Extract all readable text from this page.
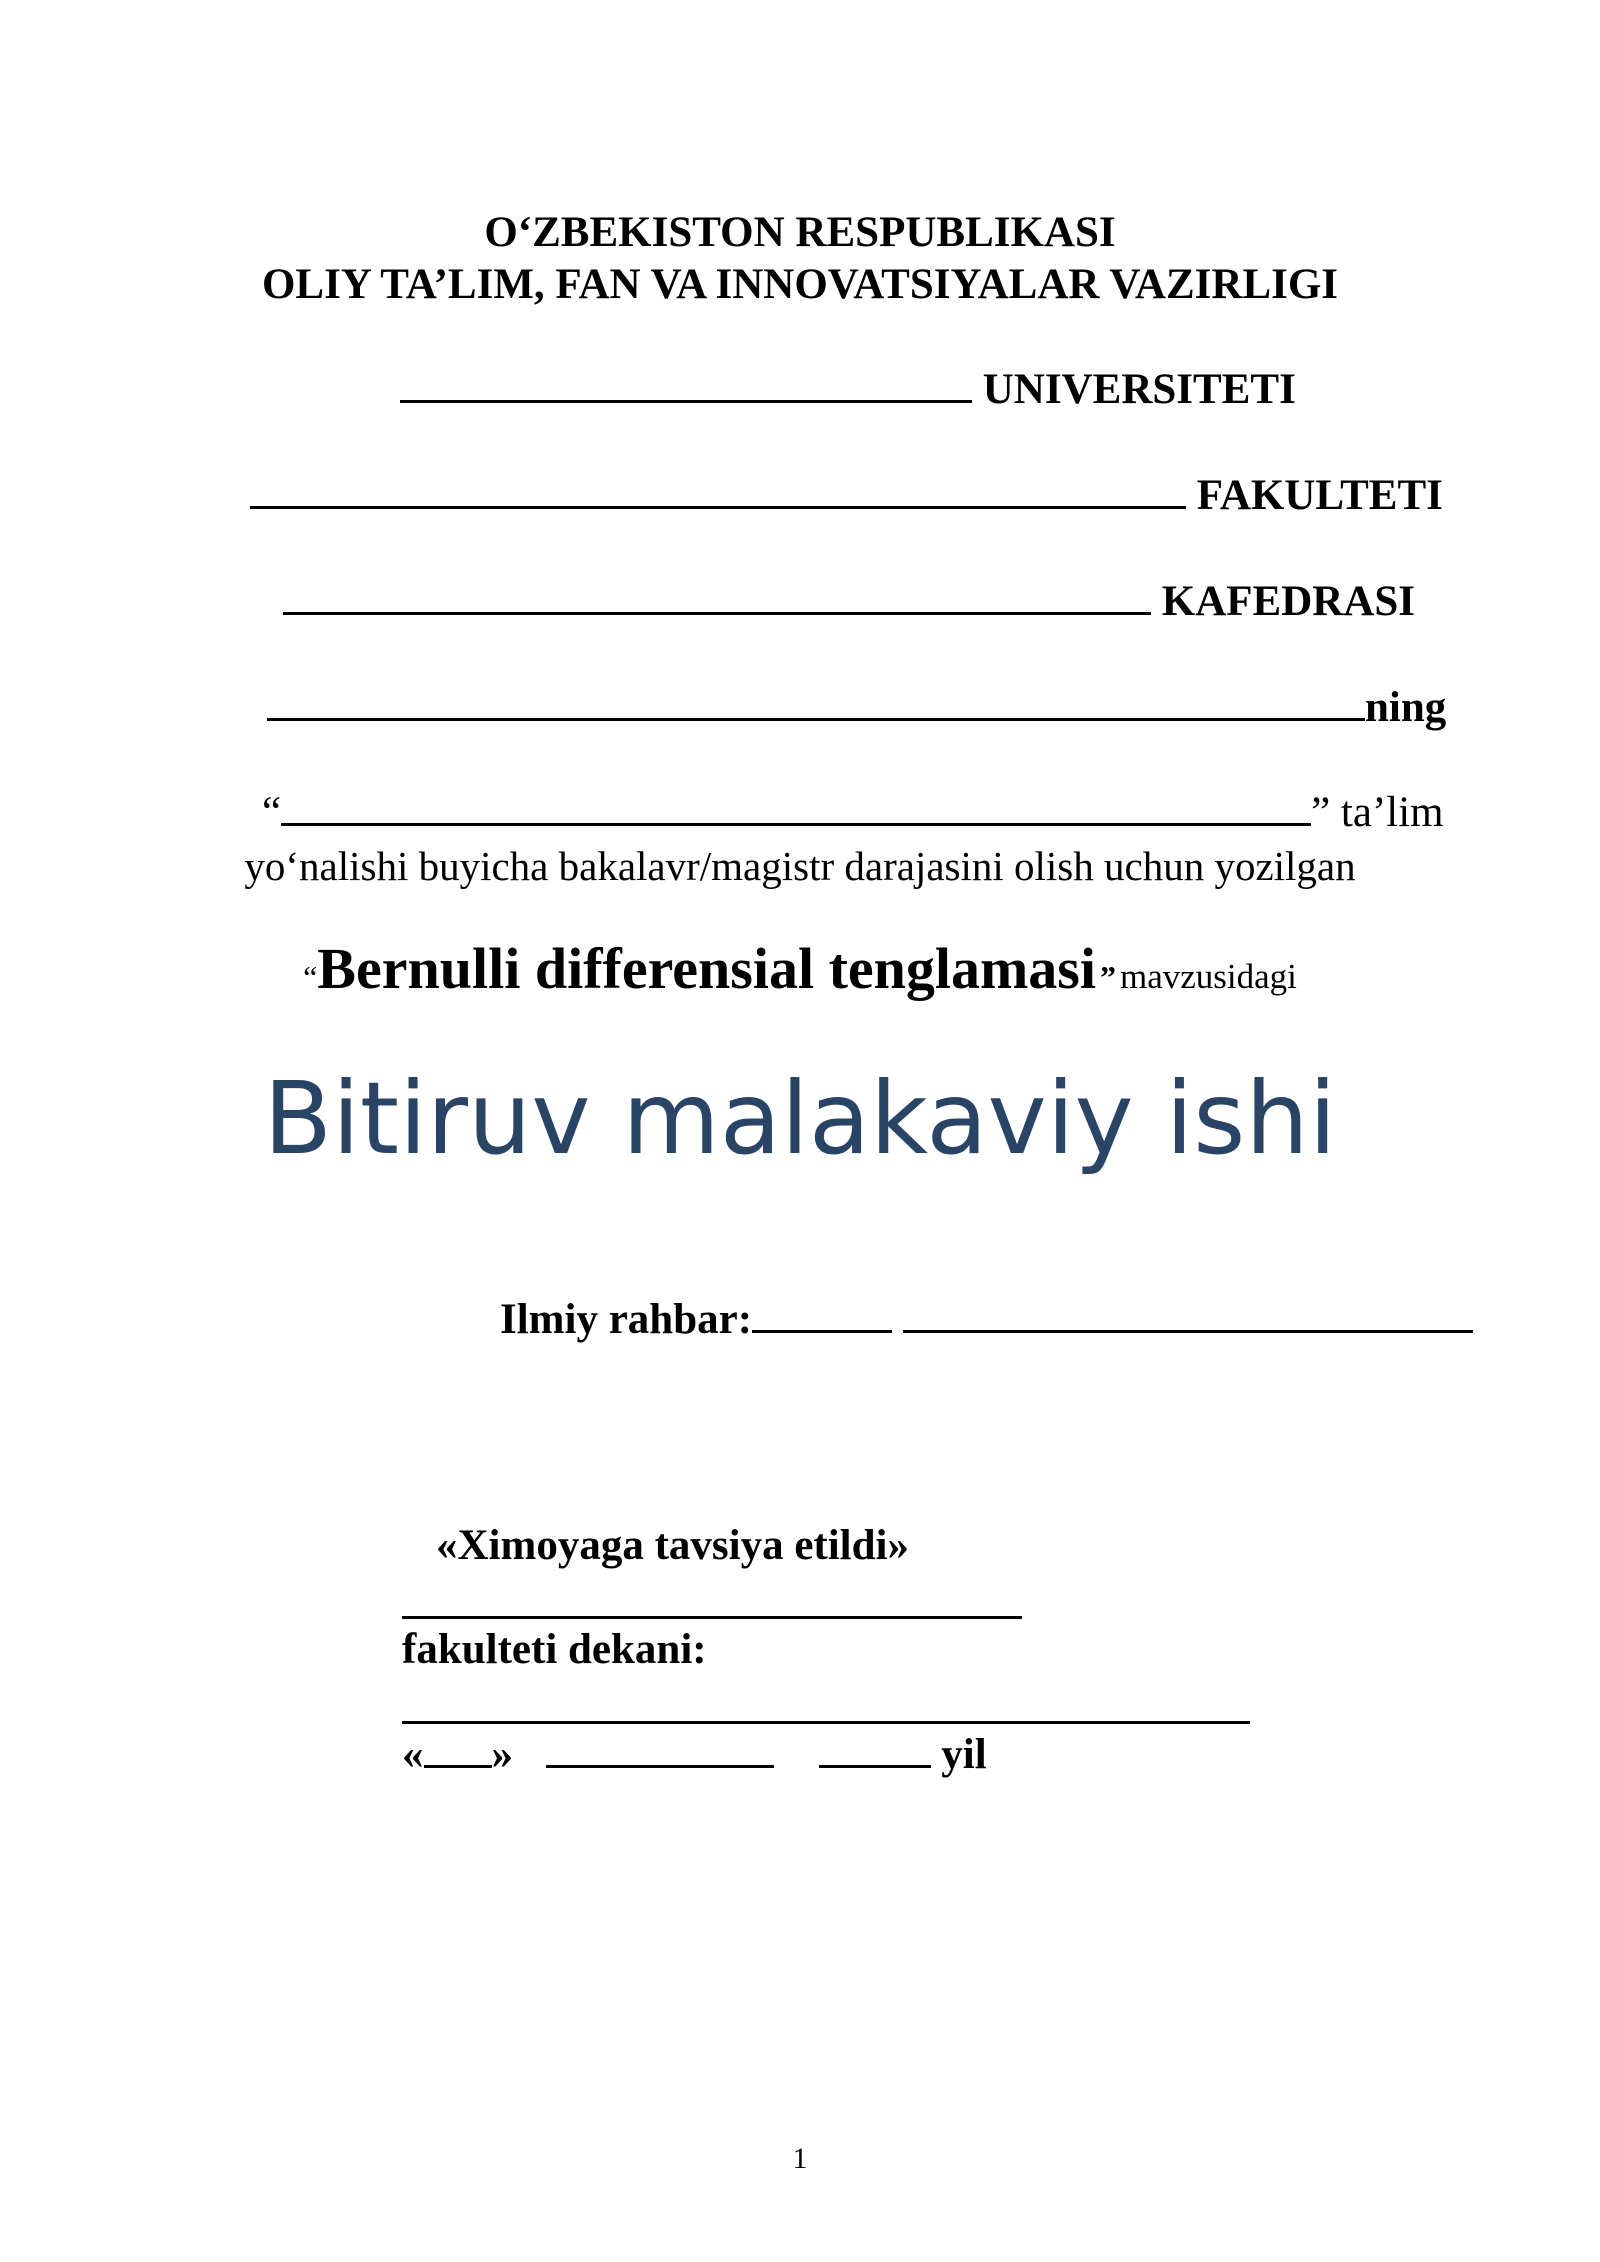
O‘ZBEKISTON RESPUBLIKASI
OLIY TA’LIM, FAN VA INNOVATSIYALAR VAZIRLIGI
UNIVERSITETI
FAKULTETI
KAFEDRASI
ning
“	” ta’lim
yo‘nalishi buyicha bakalavr/magistr darajasini olish uchun yozilgan
“Bernulli differensial tenglamasi ” mavzusidagi
Bitiruv malakaviy ishi
Ilmiy rahbar:
«Ximoyaga tavsiya etildi»
fakulteti dekani:
« »	yil
1
